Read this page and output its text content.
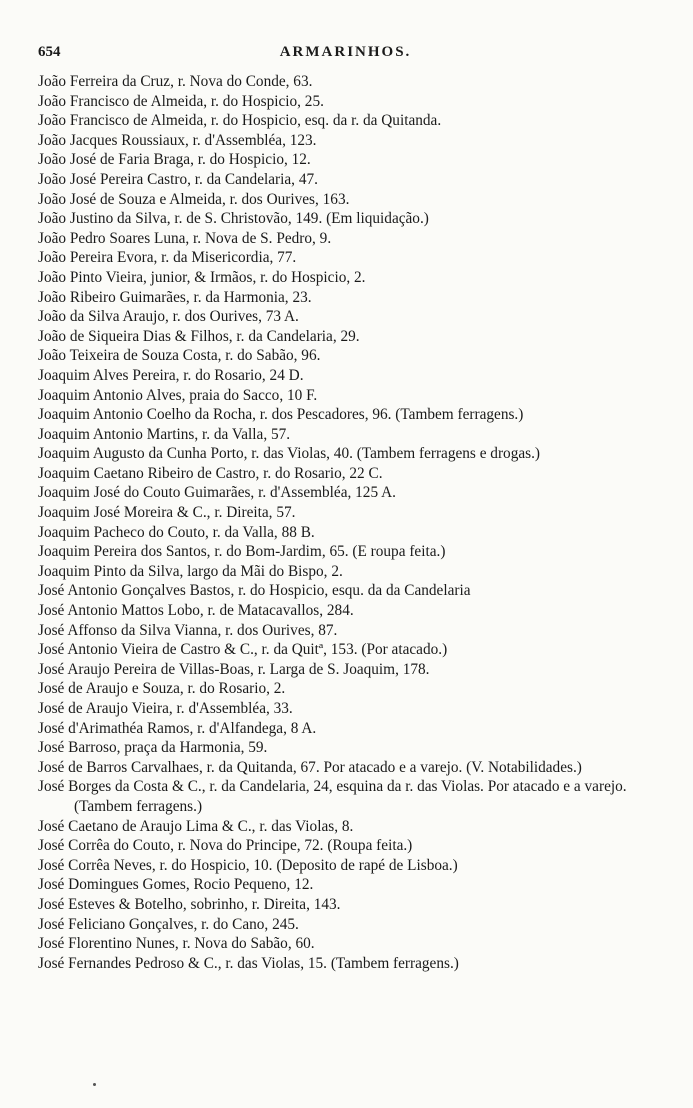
654	ARMARINHOS.
João Ferreira da Cruz, r. Nova do Conde, 63.
João Francisco de Almeida, r. do Hospicio, 25.
João Francisco de Almeida, r. do Hospicio, esq. da r. da Quitanda.
João Jacques Roussiaux, r. d'Assembléa, 123.
João José de Faria Braga, r. do Hospicio, 12.
João José Pereira Castro, r. da Candelaria, 47.
João José de Souza e Almeida, r. dos Ourives, 163.
João Justino da Silva, r. de S. Christovão, 149. (Em liquidação.)
João Pedro Soares Luna, r. Nova de S. Pedro, 9.
João Pereira Evora, r. da Misericordia, 77.
João Pinto Vieira, junior, & Irmãos, r. do Hospicio, 2.
João Ribeiro Guimarães, r. da Harmonia, 23.
João da Silva Araujo, r. dos Ourives, 73 A.
João de Siqueira Dias & Filhos, r. da Candelaria, 29.
João Teixeira de Souza Costa, r. do Sabão, 96.
Joaquim Alves Pereira, r. do Rosario, 24 D.
Joaquim Antonio Alves, praia do Sacco, 10 F.
Joaquim Antonio Coelho da Rocha, r. dos Pescadores, 96. (Tambem ferragens.)
Joaquim Antonio Martins, r. da Valla, 57.
Joaquim Augusto da Cunha Porto, r. das Violas, 40. (Tambem ferragens e drogas.)
Joaquim Caetano Ribeiro de Castro, r. do Rosario, 22 C.
Joaquim José do Couto Guimarães, r. d'Assembléa, 125 A.
Joaquim José Moreira & C., r. Direita, 57.
Joaquim Pacheco do Couto, r. da Valla, 88 B.
Joaquim Pereira dos Santos, r. do Bom-Jardim, 65. (E roupa feita.)
Joaquim Pinto da Silva, largo da Mãi do Bispo, 2.
José Antonio Gonçalves Bastos, r. do Hospicio, esqu. da da Candelaria
José Antonio Mattos Lobo, r. de Matacavallos, 284.
José Affonso da Silva Vianna, r. dos Ourives, 87.
José Antonio Vieira de Castro & C., r. da Quitª, 153. (Por atacado.)
José Araujo Pereira de Villas-Boas, r. Larga de S. Joaquim, 178.
José de Araujo e Souza, r. do Rosario, 2.
José de Araujo Vieira, r. d'Assembléa, 33.
José d'Arimathéa Ramos, r. d'Alfandega, 8 A.
José Barroso, praça da Harmonia, 59.
José de Barros Carvalhaes, r. da Quitanda, 67. Por atacado e a varejo. (V. Notabilidades.)
José Borges da Costa & C., r. da Candelaria, 24, esquina da r. das Violas. Por atacado e a varejo. (Tambem ferragens.)
José Caetano de Araujo Lima & C., r. das Violas, 8.
José Corrêa do Couto, r. Nova do Principe, 72. (Roupa feita.)
José Corrêa Neves, r. do Hospicio, 10. (Deposito de rapé de Lisboa.)
José Domingues Gomes, Rocio Pequeno, 12.
José Esteves & Botelho, sobrinho, r. Direita, 143.
José Feliciano Gonçalves, r. do Cano, 245.
José Florentino Nunes, r. Nova do Sabão, 60.
José Fernandes Pedroso & C., r. das Violas, 15. (Tambem ferragens.)
